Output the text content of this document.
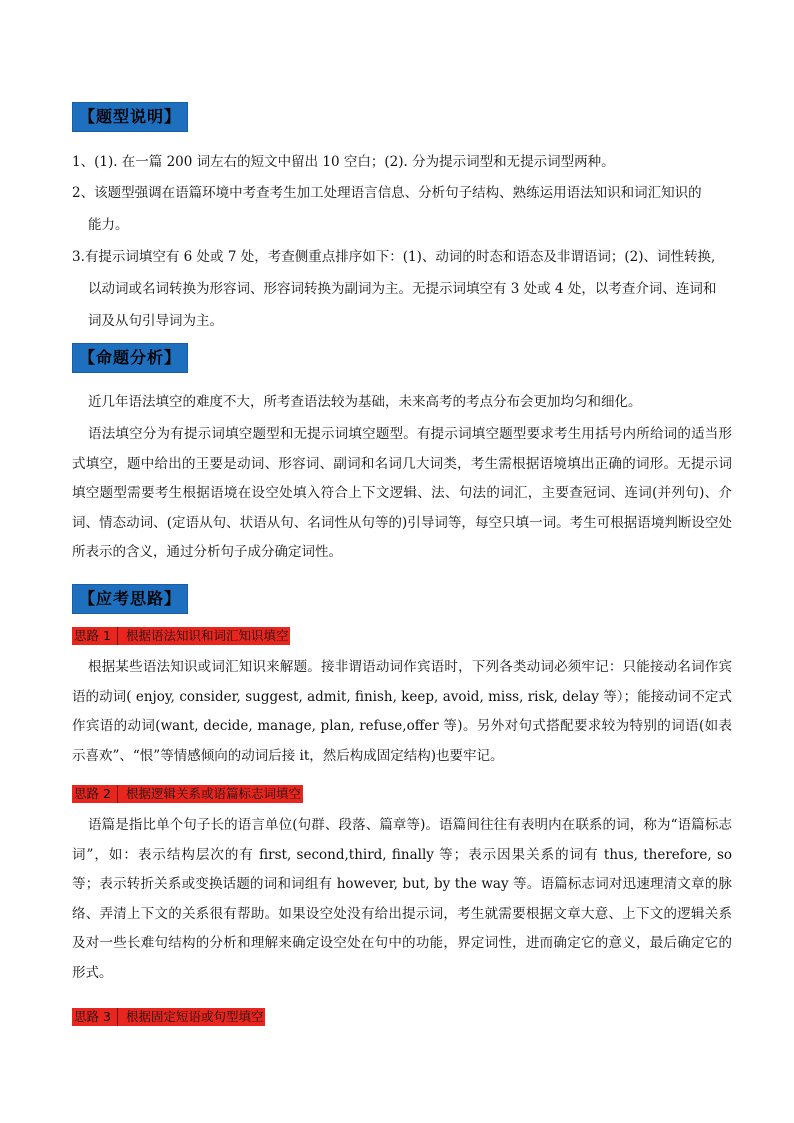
【题型说明】
1、(1). 在一篇 200 词左右的短文中留出 10 空白；(2). 分为提示词型和无提示词型两种。
2、该题型强调在语篇环境中考查考生加工处理语言信息、分析句子结构、熟练运用语法知识和词汇知识的
能力。
3.有提示词填空有 6 处或 7 处，考查侧重点排序如下：(1)、动词的时态和语态及非谓语词；(2)、词性转换,
以动词或名词转换为形容词、形容词转换为副词为主。无提示词填空有 3 处或 4 处，以考查介词、连词和
词及从句引导词为主。
【命题分析】

近几年语法填空的难度不大，所考查语法较为基础，未来高考的考点分布会更加均匀和细化。

语法填空分为有提示词填空题型和无提示词填空题型。有提示词填空题型要求考生用括号内所给词的适当形式填空，题中给出的王要是动词、形容词、副词和名词几大词类，考生需根据语境填出正确的词形。无提示词填空题型需要考生根据语境在设空处填入符合上下文逻辑、法、句法的词汇，主要查冠词、连词(并列句)、介词、情态动词、(定语从句、状语从句、名词性从句等的)引导词等，每空只填一词。考生可根据语境判断设空处所表示的含义，通过分析句子成分确定词性。

【应考思路】
思路 1 根据语法知识和词汇知识填空

根据某些语法知识或词汇知识来解题。接非谓语动词作宾语时，下列各类动词必须牢记：只能接动名词作宾语的动词( enjoy, consider, suggest, admit, finish, keep, avoid, miss, risk, delay 等）；能接动词不定式作宾语的动词(want, decide, manage, plan, refuse,offer 等)。另外对句式搭配要求较为特别的词语(如表示喜欢”、“恨”等情感倾向的动词后接 it，然后构成固定结构)也要牢记。

思路 2 根据逻辑关系或语篇标志词填空

语篇是指比单个句子长的语言单位(句群、段落、篇章等)。语篇间往往有表明内在联系的词，称为“语篇标志词”，如：表示结构层次的有 first, second,third, finally 等；表示因果关系的词有 thus, therefore, so 等；表示转折关系或变换话题的词和词组有 however, but, by the way 等。语篇标志词对迅速理清文章的脉络、弄清上下文的关系很有帮助。如果设空处没有给出提示词，考生就需要根据文章大意、上下文的逻辑关系及对一些长难句结构的分析和理解来确定设空处在句中的功能，界定词性，进而确定它的意义，最后确定它的形式。

思路 3 根据固定短语或句型填空
